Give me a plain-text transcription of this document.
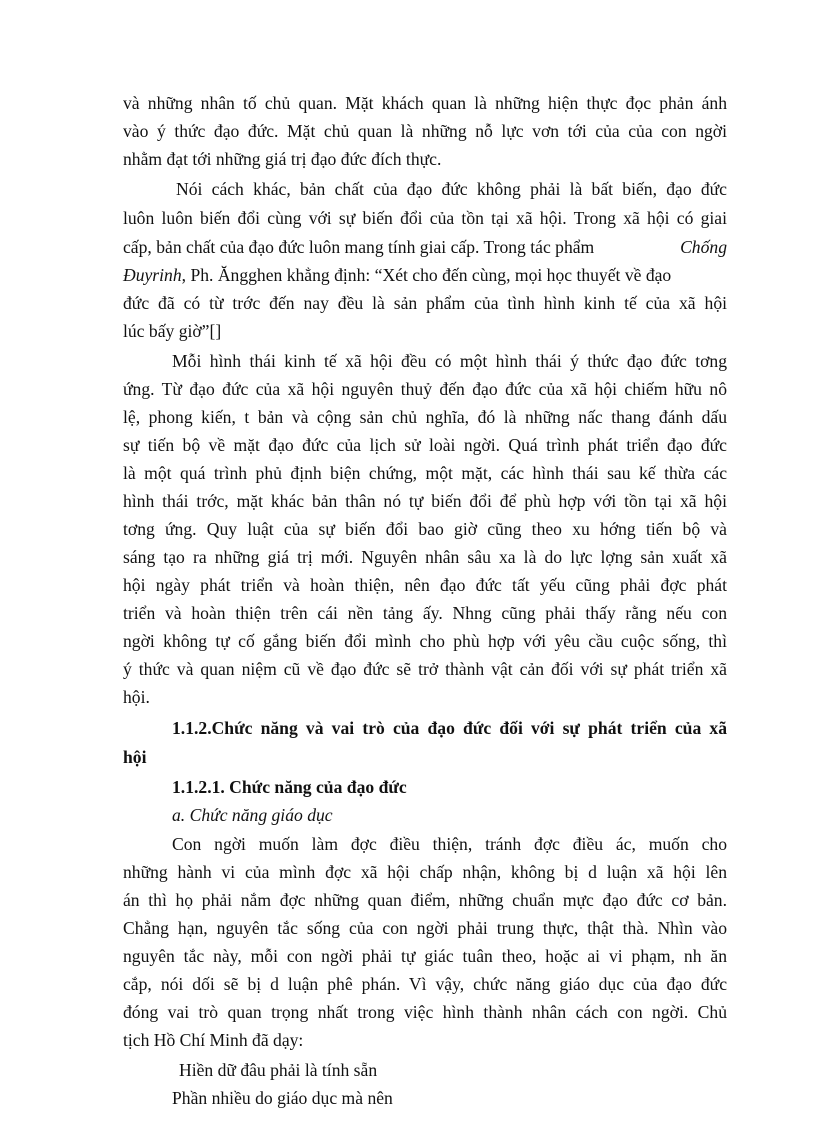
và những nhân tố chủ quan. Mặt khách quan là những hiện thực đọc phản ánh
vào ý thức đạo đức. Mặt chủ quan là những nỗ lực vơn tới của của con ngời
nhằm đạt tới những giá trị đạo đức đích thực.
Nói cách khác, bản chất của đạo đức không phải là bất biến, đạo đức
luôn luôn biến đổi cùng với sự biến đổi của tồn tại xã hội. Trong xã hội có giai
cấp, bản chất của đạo đức luôn mang tính giai cấp. Trong tác phẩm	Chống
Đuyrinh, Ph. Ăngghen khẳng định: “Xét cho đến cùng, mọi học thuyết về đạo
đức đã có từ trớc đến nay đều là sản phẩm của tình hình kinh tế của xã hội
lúc bấy giờ”[]
Mỗi hình thái kinh tế xã hội đều có một hình thái ý thức đạo đức tơng
ứng. Từ đạo đức của xã hội nguyên thuỷ đến đạo đức của xã hội chiếm hữu nô
lệ, phong kiến, t bản và cộng sản chủ nghĩa, đó là những nấc thang đánh dấu
sự tiến bộ về mặt đạo đức của lịch sử loài ngời. Quá trình phát triển đạo đức
là một quá trình phủ định biện chứng, một mặt, các hình thái sau kế thừa các
hình thái trớc, mặt khác bản thân nó tự biến đổi để phù hợp với tồn tại xã hội
tơng ứng. Quy luật của sự biến đổi bao giờ cũng theo xu hớng tiến bộ và
sáng tạo ra những giá trị mới. Nguyên nhân sâu xa là do lực lợng sản xuất xã
hội ngày phát triển và hoàn thiện, nên đạo đức tất yếu cũng phải đợc phát
triển và hoàn thiện trên cái nền tảng ấy. Nhng cũng phải thấy rằng nếu con
ngời không tự cố gắng biến đổi mình cho phù hợp với yêu cầu cuộc sống, thì
ý thức và quan niệm cũ về đạo đức sẽ trở thành vật cản đối với sự phát triển xã
hội.
1.1.2.Chức năng và vai trò của đạo đức đối với sự phát triển của xã
hội
1.1.2.1. Chức năng của đạo đức
a. Chức năng giáo dục
Con ngời muốn làm đợc điều thiện, tránh đợc điều ác, muốn cho
những hành vi của mình đợc xã hội chấp nhận, không bị d luận xã hội lên
án thì họ phải nắm đợc những quan điểm, những chuẩn mực đạo đức cơ bản.
Chẳng hạn, nguyên tắc sống của con ngời phải trung thực, thật thà. Nhìn vào
nguyên tắc này, mỗi con ngời phải tự giác tuân theo, hoặc ai vi phạm, nh ăn
cắp, nói dối sẽ bị d luận phê phán. Vì vậy, chức năng giáo dục của đạo đức
đóng vai trò quan trọng nhất trong việc hình thành nhân cách con ngời. Chủ
tịch Hồ Chí Minh đã dạy:
Hiền dữ đâu phải là tính sẵn
Phần nhiều do giáo dục mà nên
